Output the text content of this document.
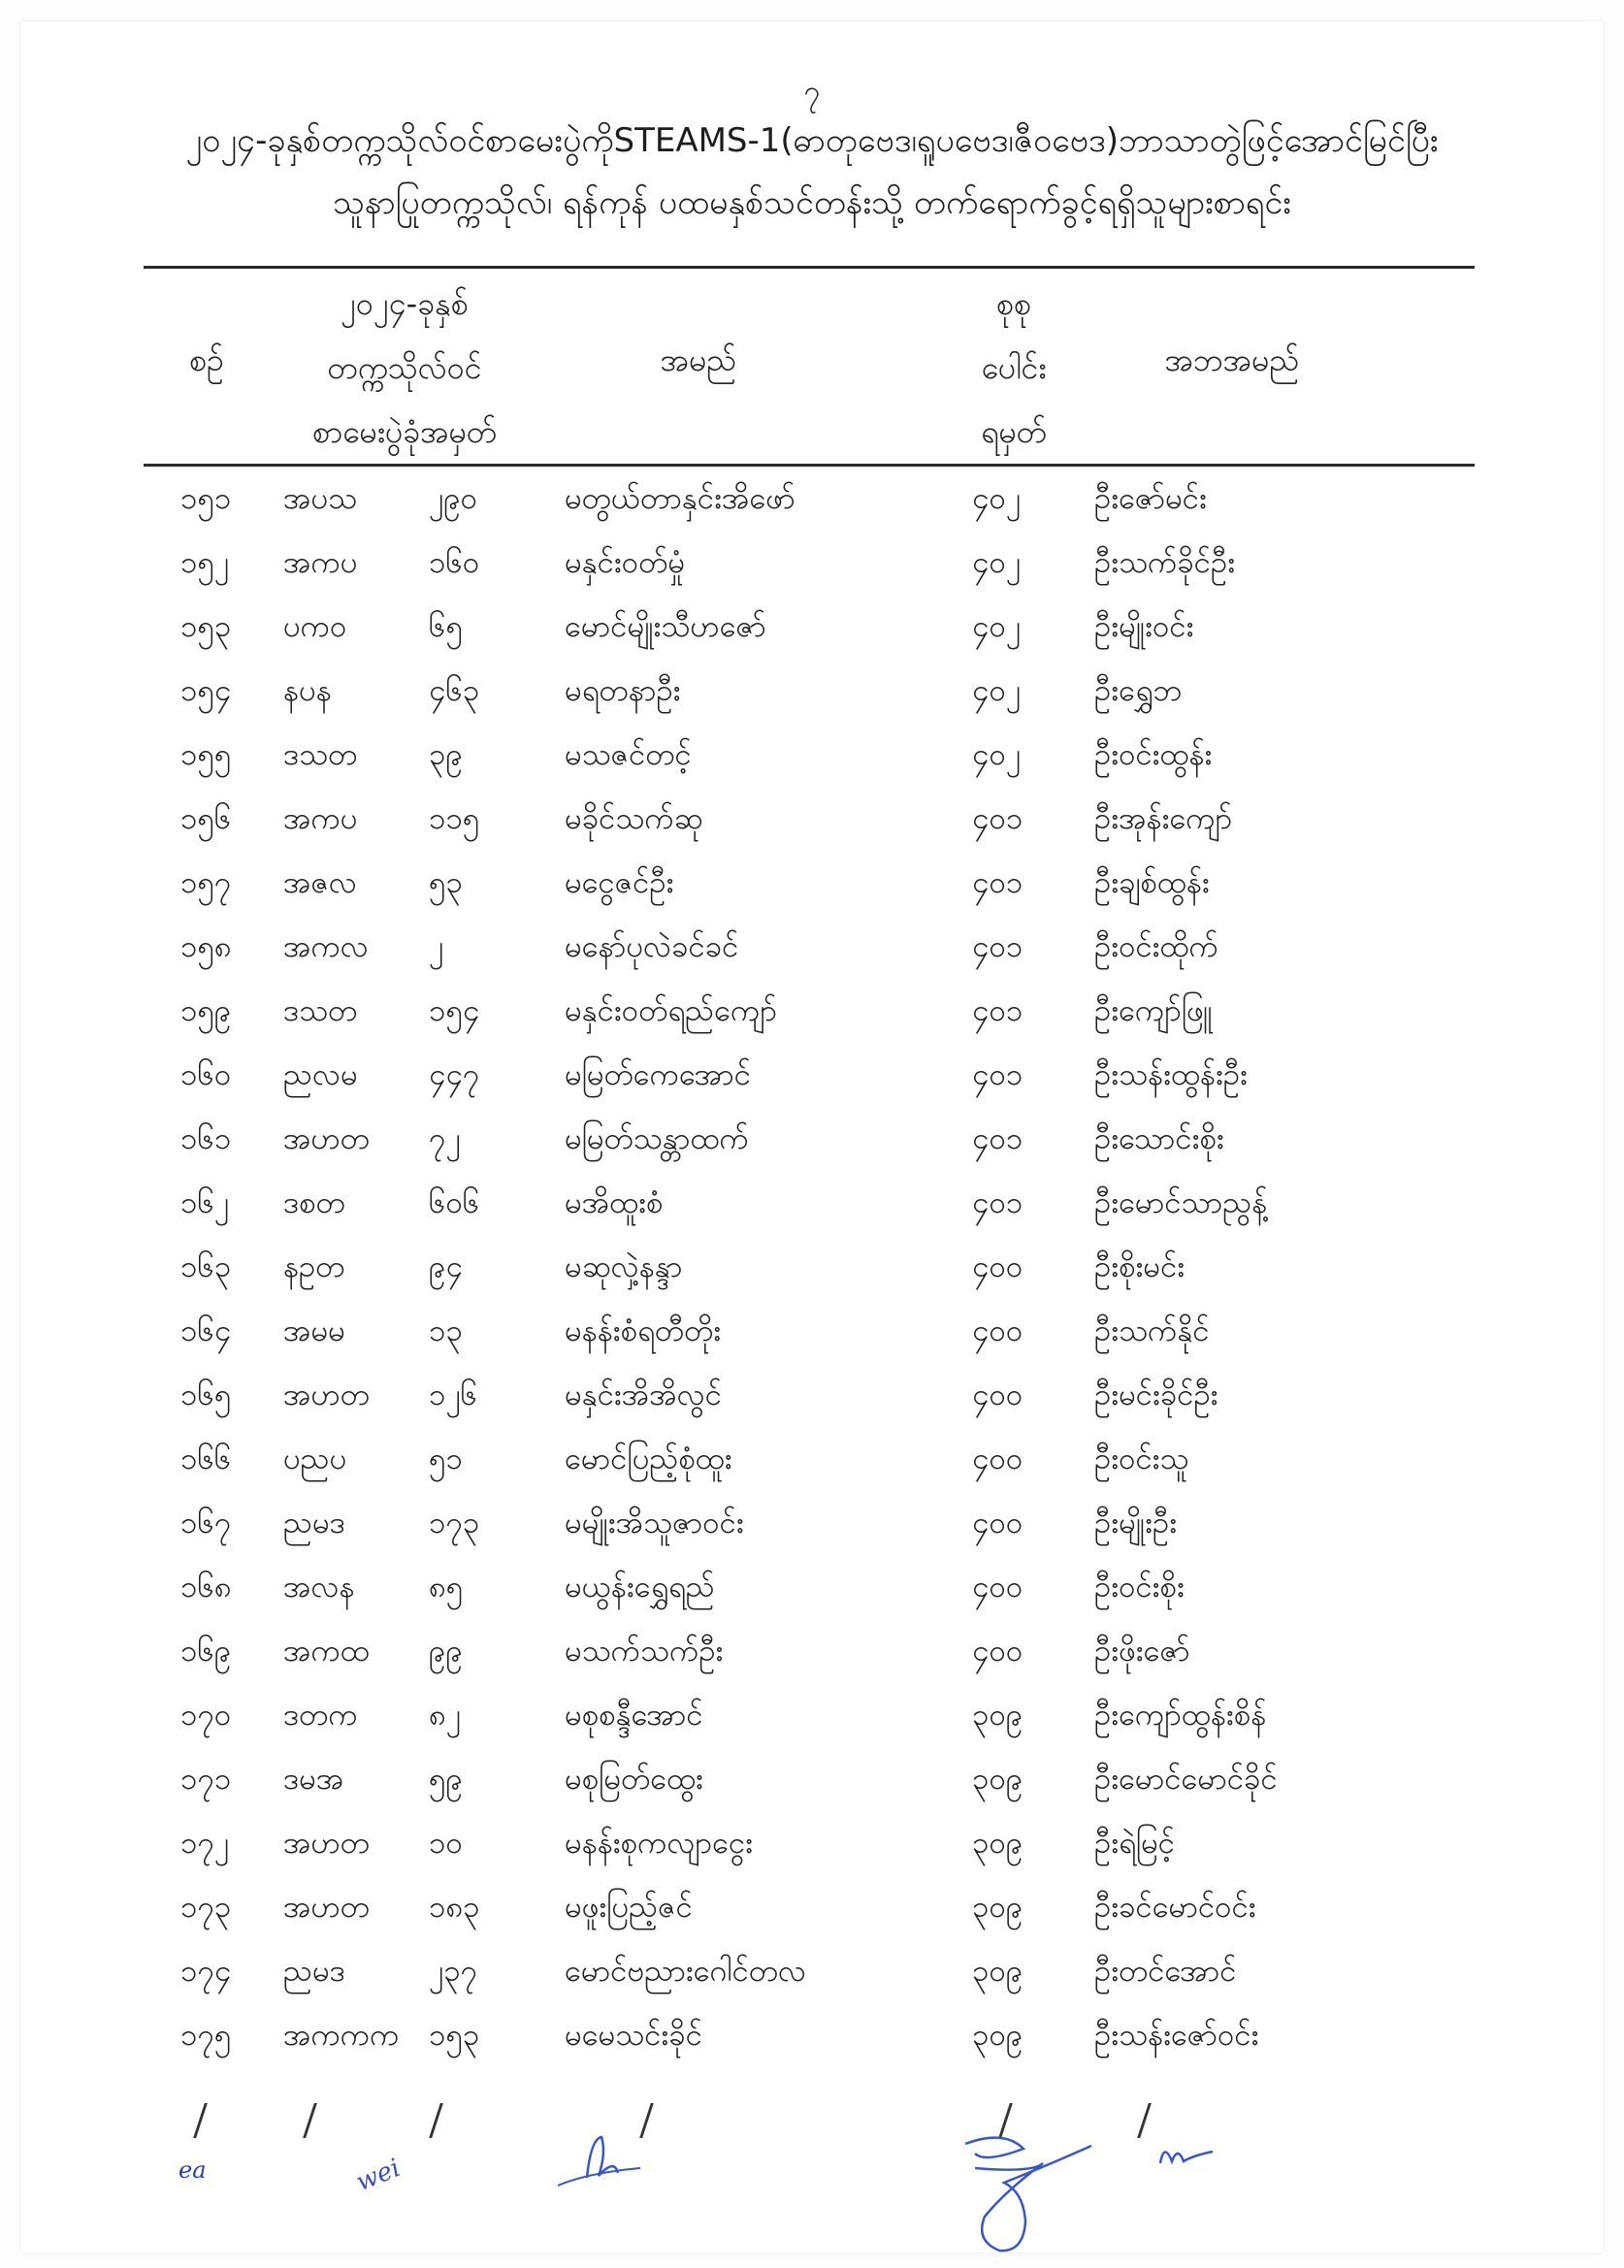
၇
၂၀၂၄-ခုနှစ်တက္ကသိုလ်ဝင်စာမေးပွဲကိုSTEAMS-1(ဓာတုဗေဒ၊ရူပဗေဒ၊ဇီဝဗေဒ)ဘာသာတွဲဖြင့်အောင်မြင်ပြီး
သူနာပြုတက္ကသိုလ်၊ ရန်ကုန် ပထမနှစ်သင်တန်းသို့ တက်ရောက်ခွင့်ရရှိသူများစာရင်း
စဉ်
၂၀၂၄-ခုနှစ်
တက္ကသိုလ်ဝင်
စာမေးပွဲခုံအမှတ်
အမည်
စုစု
ပေါင်း
ရမှတ်
အဘအမည်
၁၅၁ အပသ ၂၉၀	မတွယ်တာနှင်းအိဖော်	၄၀၂ ဦးဇော်မင်း
၁၅၂ အကပ ၁၆၀	မနှင်းဝတ်မှုံ	၄၀၂ ဦးသက်ခိုင်ဦး
၁၅၃ ပကဝ	၆၅	မောင်မျိုးသီဟဇော်	၄၀၂ ဦးမျိုးဝင်း
၁၅၄ နပန	၄၆၃	မရတနာဦး	၄၀၂ ဦးရွှေဘ
၁၅၅ ဒသတ ၃၉	မသဇင်တင့်	၄၀၂ ဦးဝင်းထွန်း
၁၅၆ အကပ ၁၁၅	မခိုင်သက်ဆု	၄၀၁ ဦးအုန်းကျော်
၁၅၇ အဇလ ၅၃	မငွေဇင်ဦး	၄၀၁ ဦးချစ်ထွန်း
၁၅၈ အကလ ၂	မနော်ပုလဲခင်ခင်	၄၀၁ ဦးဝင်းထိုက်
၁၅၉ ဒသတ ၁၅၄	မနှင်းဝတ်ရည်ကျော်	၄၀၁ ဦးကျော်ဖြူ
၁၆၀ ညလမ ၄၄၇	မမြတ်ကေအောင်	၄၀၁ ဦးသန်းထွန်းဦး
၁၆၁ အဟတ ၇၂	မမြတ်သန္တာထက်	၄၀၁ ဦးသောင်းစိုး
၁၆၂ ဒစတ	၆၀၆	မအိထူးစံ	၄၀၁ ဦးမောင်သာညွန့်
၁၆၃ နဥတ	၉၄	မဆုလှဲ့နန္ဒာ	၄၀၀ ဦးစိုးမင်း
၁၆၄ အမမ	၁၃	မနန်းစံရတီတိုး	၄၀၀ ဦးသက်နိုင်
၁၆၅ အဟတ ၁၂၆	မနှင်းအိအိလွင်	၄၀၀ ဦးမင်းခိုင်ဦး
၁၆၆ ပညပ	၅၁	မောင်ပြည့်စုံထူး	၄၀၀ ဦးဝင်းသူ
၁၆၇ ညမဒ	၁၇၃	မမျိုးအိသူဇာဝင်း	၄၀၀ ဦးမျိုးဦး
၁၆၈ အလန ၈၅	မယွန်းရွှေရည်	၄၀၀ ဦးဝင်းစိုး
၁၆၉ အကထ ၉၉	မသက်သက်ဦး	၄၀၀ ဦးဖိုးဇော်
၁၇၀ ဒတက ၈၂	မစုစန္ဒီအောင်	၃၀၉ ဦးကျော်ထွန်းစိန်
၁၇၁ ဒမအ	၅၉	မစုမြတ်ထွေး	၃၀၉ ဦးမောင်မောင်ခိုင်
၁၇၂ အဟတ ၁၀	မနန်းစုကလျာငွေး	၃၀၉ ဦးရဲမြင့်
၁၇၃ အဟတ ၁၈၃	မဖူးပြည့်ဇင်	၃၀၉ ဦးခင်မောင်ဝင်း
၁၇၄ ညမဒ	၂၃၇	မောင်ဗညားဂေါင်တလ	၃၀၉ ဦးတင်အောင်
၁၇၅ အကကက ၁၅၃	မမေသင်းခိုင်	၃၀၉ ဦးသန်းဇော်ဝင်း
ea	wei
